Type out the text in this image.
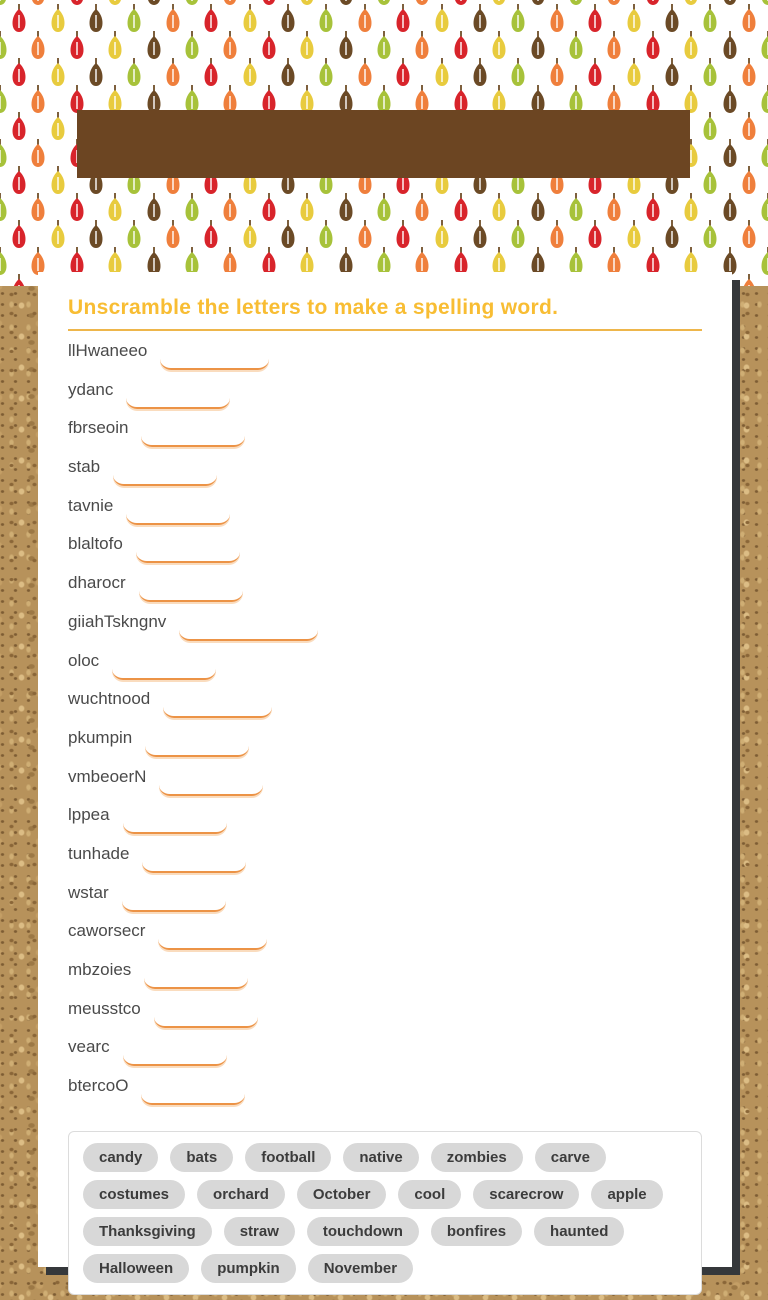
Unscramble the letters to make a spelling word.
llHwaneeo
ydanc
fbrseoin
stab
tavnie
blaltofo
dharocr
giiahTskngnv
oloc
wuchtnood
pkumpin
vmbeoerN
lppea
tunhade
wstar
caworsecr
mbzoies
meusstco
vearc
btercoO
candy	bats	football	native	zombies	carve
costumes	orchard	October	cool	scarecrow	apple
Thanksgiving	straw	touchdown	bonfires	haunted
Halloween	pumpkin	November
